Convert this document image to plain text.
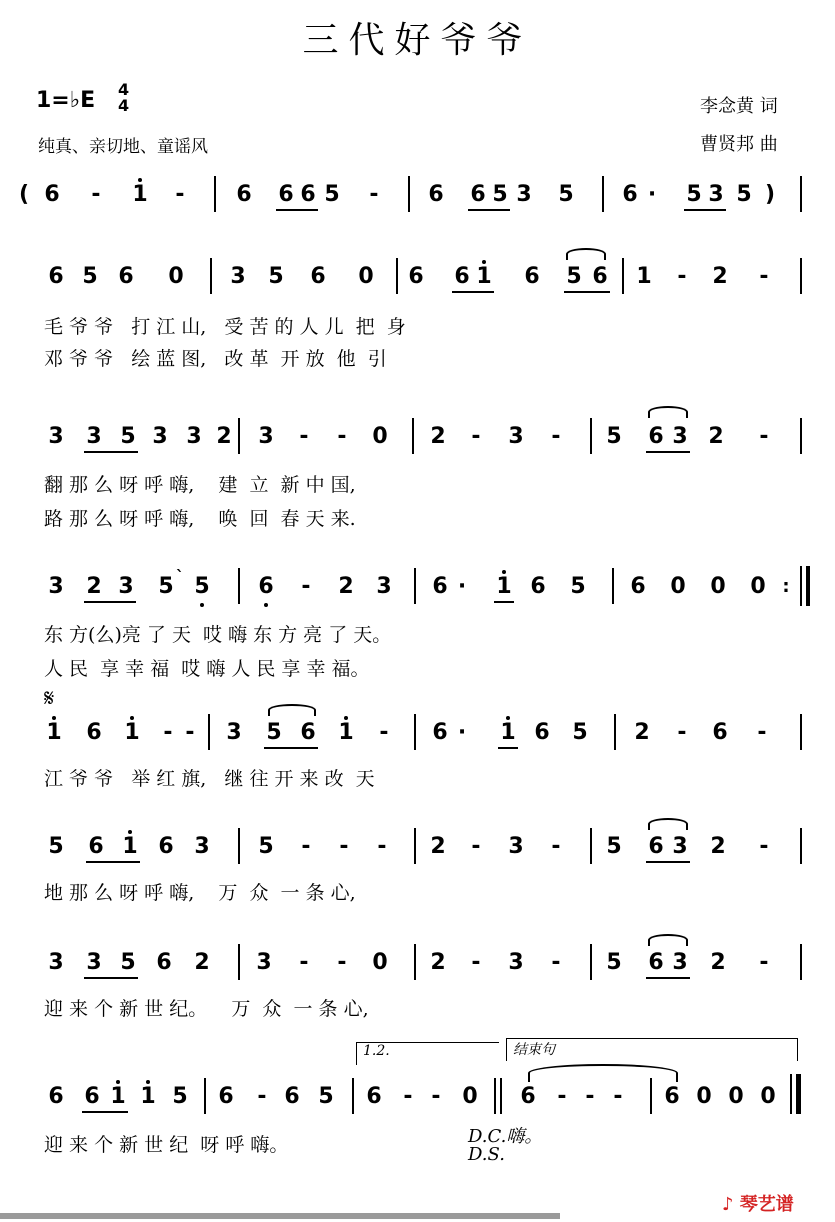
三代好爷爷
1=♭E 4
4
纯真、亲切地、童谣风
李念黄 词
曹贤邦 曲
( 6 - 1 - 6 6 6 5 - 6 6 5 3 5 6 ·	5 3 5 )
6 5 6 0 3 5 6 0 6 6 1 6 5 6 1 - 2 -
毛 爷 爷   打 江 山,   受 苦 的 人 儿  把  身
邓 爷 爷   绘 蓝 图,   改 革  开 放  他  引
3 3 5 3 3 2 3 - - 0 2 - 3 - 5 6 3 2 -
翻 那 么 呀 呼 嗨,    建  立  新 中 国,
路 那 么 呀 呼 嗨,    唤  回  春 天 来.
3 2 3 5 ` 5 6 - 2 3 6 ·	1 6 5 6 0 0 0 :
东 方(么)亮 了 天  哎 嗨 东 方 亮 了 天。
人 民  享 幸 福  哎 嗨 人 民 享 幸 福。
𝄋
1 6 1 - - 3 5 6 1 - 6 ·	1 6 5 2 - 6 -
江 爷 爷   举 红 旗,   继 往 开 来 改  天
5 6 1 6 3 5 - - - 2 - 3 - 5 6 3 2 -
地 那 么 呀 呼 嗨,    万  众  一 条 心,
3 3 5 6 2 3 - - 0 2 - 3 - 5 6 3 2 -
迎 来 个 新 世 纪。    万  众  一 条 心,
1.2.	结束句
6 6 1 1 5 6 - 6 5 6 - - 0 6 - - - 6 0 0 0
迎 来 个 新 世 纪  呀 呼 嗨。	D.C.嗨。
D.S.
♪ 琴艺谱
